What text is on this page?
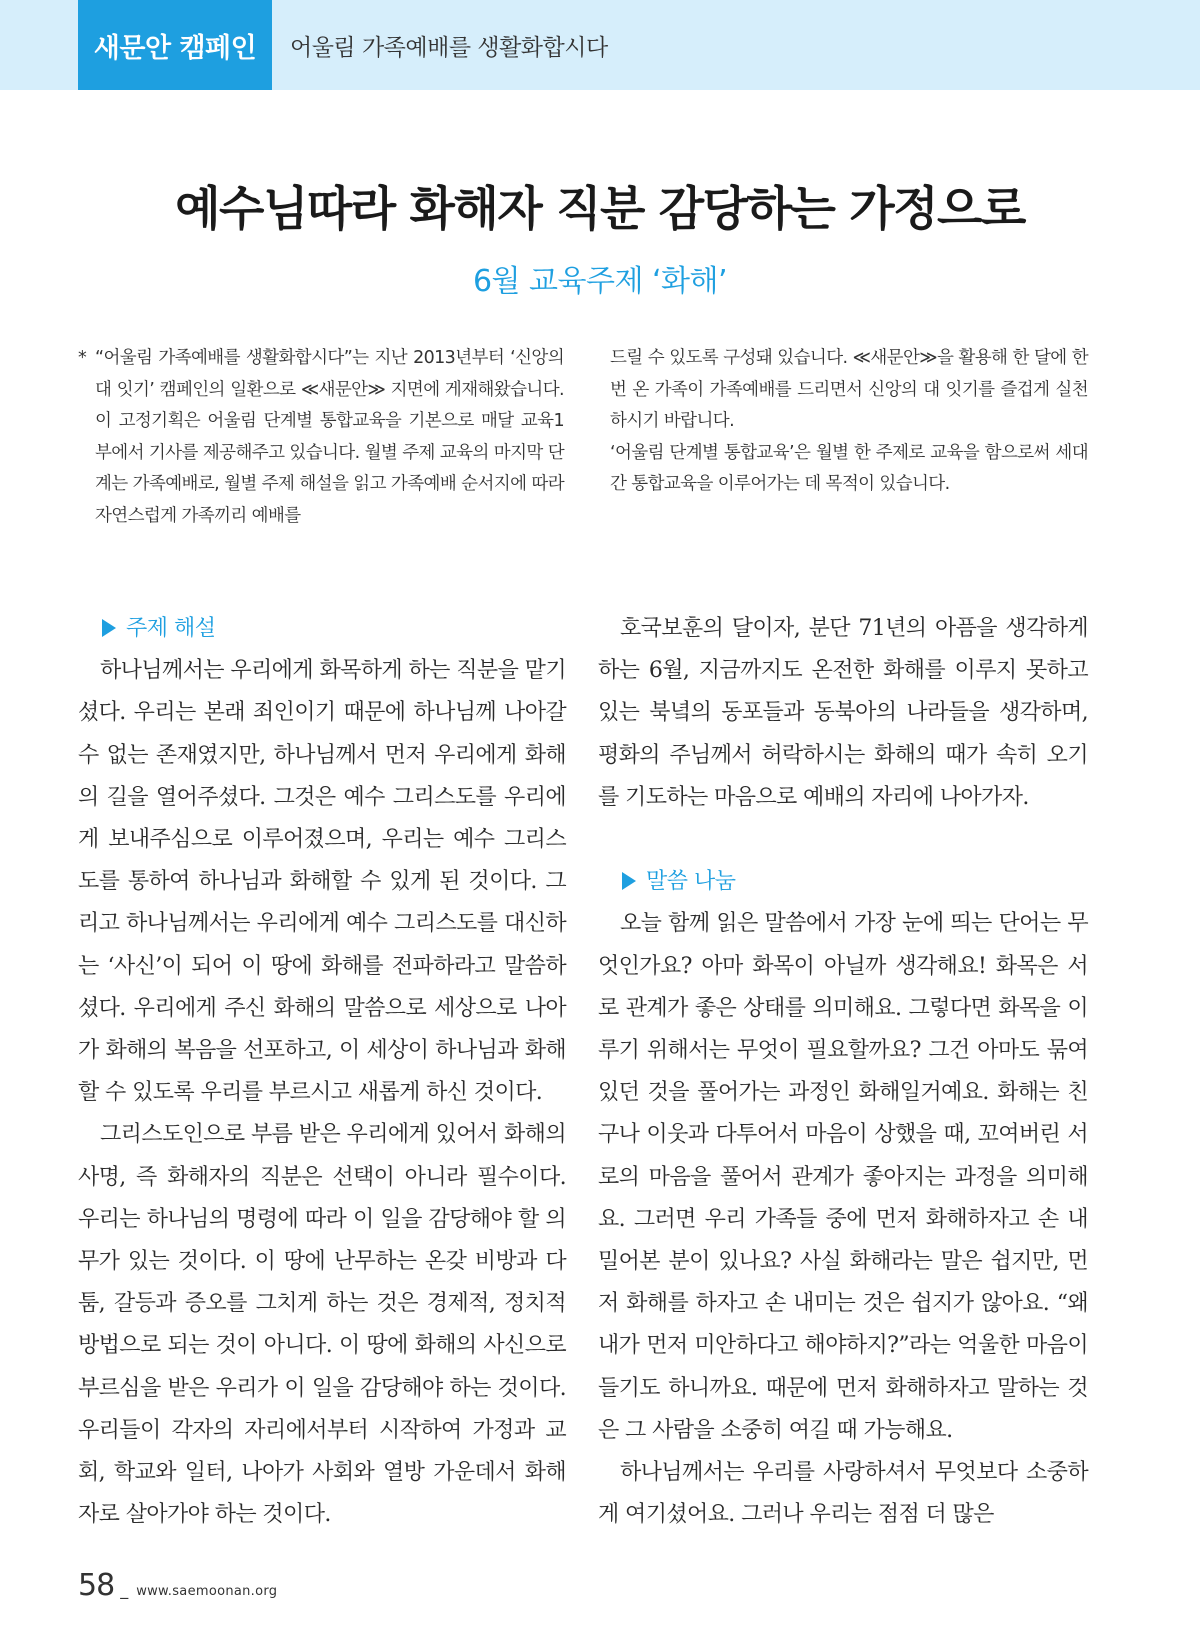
새문안 캠페인	어울림 가족예배를 생활화합시다
예수님따라 화해자 직분 감당하는 가정으로
6월 교육주제 ‘화해’
* “어울림 가족예배를 생활화합시다”는 지난 2013년부터 ‘신앙의 대 잇기’ 캠페인의 일환으로 ≪새문안≫ 지면에 게재해왔습니다. 이 고정기획은 어울림 단계별 통합교육을 기본으로 매달 교육1부에서 기사를 제공해주고 있습니다. 월별 주제 교육의 마지막 단계는 가족예배로, 월별 주제 해설을 읽고 가족예배 순서지에 따라 자연스럽게 가족끼리 예배를

드릴 수 있도록 구성돼 있습니다. ≪새문안≫을 활용해 한 달에 한 번 온 가족이 가족예배를 드리면서 신앙의 대 잇기를 즐겁게 실천하시기 바랍니다.

‘어울림 단계별 통합교육’은 월별 한 주제로 교육을 함으로써 세대 간 통합교육을 이루어가는 데 목적이 있습니다.

주제 해설

하나님께서는 우리에게 화목하게 하는 직분을 맡기셨다. 우리는 본래 죄인이기 때문에 하나님께 나아갈 수 없는 존재였지만, 하나님께서 먼저 우리에게 화해의 길을 열어주셨다. 그것은 예수 그리스도를 우리에게 보내주심으로 이루어졌으며, 우리는 예수 그리스도를 통하여 하나님과 화해할 수 있게 된 것이다. 그리고 하나님께서는 우리에게 예수 그리스도를 대신하는 ‘사신’이 되어 이 땅에 화해를 전파하라고 말씀하셨다. 우리에게 주신 화해의 말씀으로 세상으로 나아가 화해의 복음을 선포하고, 이 세상이 하나님과 화해할 수 있도록 우리를 부르시고 새롭게 하신 것이다.

그리스도인으로 부름 받은 우리에게 있어서 화해의 사명, 즉 화해자의 직분은 선택이 아니라 필수이다. 우리는 하나님의 명령에 따라 이 일을 감당해야 할 의무가 있는 것이다. 이 땅에 난무하는 온갖 비방과 다툼, 갈등과 증오를 그치게 하는 것은 경제적, 정치적 방법으로 되는 것이 아니다. 이 땅에 화해의 사신으로 부르심을 받은 우리가 이 일을 감당해야 하는 것이다. 우리들이 각자의 자리에서부터 시작하여 가정과 교회, 학교와 일터, 나아가 사회와 열방 가운데서 화해자로 살아가야 하는 것이다.

호국보훈의 달이자, 분단 71년의 아픔을 생각하게 하는 6월, 지금까지도 온전한 화해를 이루지 못하고 있는 북녘의 동포들과 동북아의 나라들을 생각하며, 평화의 주님께서 허락하시는 화해의 때가 속히 오기를 기도하는 마음으로 예배의 자리에 나아가자.

말씀 나눔

오늘 함께 읽은 말씀에서 가장 눈에 띄는 단어는 무엇인가요? 아마 화목이 아닐까 생각해요! 화목은 서로 관계가 좋은 상태를 의미해요. 그렇다면 화목을 이루기 위해서는 무엇이 필요할까요? 그건 아마도 묶여있던 것을 풀어가는 과정인 화해일거예요. 화해는 친구나 이웃과 다투어서 마음이 상했을 때, 꼬여버린 서로의 마음을 풀어서 관계가 좋아지는 과정을 의미해요. 그러면 우리 가족들 중에 먼저 화해하자고 손 내밀어본 분이 있나요? 사실 화해라는 말은 쉽지만, 먼저 화해를 하자고 손 내미는 것은 쉽지가 않아요. “왜 내가 먼저 미안하다고 해야하지?”라는 억울한 마음이 들기도 하니까요. 때문에 먼저 화해하자고 말하는 것은 그 사람을 소중히 여길 때 가능해요.

하나님께서는 우리를 사랑하셔서 무엇보다 소중하게 여기셨어요. 그러나 우리는 점점 더 많은

58 _ www.saemoonan.org
